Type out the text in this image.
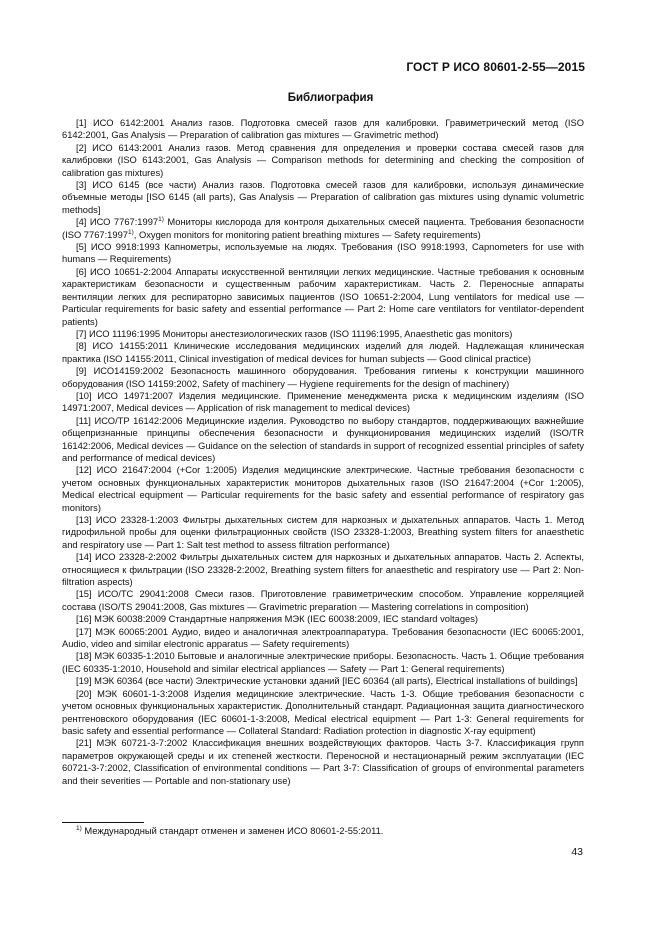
ГОСТ Р ИСО 80601-2-55—2015
Библиография

[1] ИСО 6142:2001 Анализ газов. Подготовка смесей газов для калибровки. Гравиметрический метод (ISO 6142:2001, Gas Analysis — Preparation of calibration gas mixtures — Gravimetric method)

[2] ИСО 6143:2001 Анализ газов. Метод сравнения для определения и проверки состава смесей газов для калибровки (ISO 6143:2001, Gas Analysis — Comparison methods for determining and checking the composition of calibration gas mixtures)

[3] ИСО 6145 (все части) Анализ газов. Подготовка смесей газов для калибровки, используя динамические объемные методы [ISO 6145 (all parts), Gas Analysis — Preparation of calibration gas mixtures using dynamic volumetric methods]

[4] ИСО 7767:1997$^{1)}$ Мониторы кислорода для контроля дыхательных смесей пациента. Требования безопасности (ISO 7767:1997$^{1)}$, Oxygen monitors for monitoring patient breathing mixtures — Safety requirements)

[5] ИСО 9918:1993 Капнометры, используемые на людях. Требования (ISO 9918:1993, Capnometers for use with humans — Requirements)

[6] ИСО 10651-2:2004 Аппараты искусственной вентиляции легких медицинские. Частные требования к основным характеристикам безопасности и существенным рабочим характеристикам. Часть 2. Переносные аппараты вентиляции легких для респираторно зависимых пациентов (ISO 10651-2:2004, Lung ventilators for medical use — Particular requirements for basic safety and essential performance — Part 2: Home care ventilators for ventilator-dependent patients)

[7] ИСО 11196:1995 Мониторы анестезиологических газов (ISO 11196:1995, Anaesthetic gas monitors)

[8] ИСО 14155:2011 Клинические исследования медицинских изделий для людей. Надлежащая клиническая практика (ISO 14155:2011, Clinical investigation of medical devices for human subjects — Good clinical practice)

[9] ИСО14159:2002 Безопасность машинного оборудования. Требования гигиены к конструкции машинного оборудования (ISO 14159:2002, Safety of machinery — Hygiene requirements for the design of machinery)

[10] ИСО 14971:2007 Изделия медицинские. Применение менеджмента риска к медицинским изделиям (ISO 14971:2007, Medical devices — Application of risk management to medical devices)

[11] ИСО/TP 16142:2006 Медицинские изделия. Руководство по выбору стандартов, поддерживающих важнейшие общепризнанные принципы обеспечения безопасности и функционирования медицинских изделий (ISO/TR 16142:2006, Medical devices — Guidance on the selection of standards in support of recognized essential principles of safety and performance of medical devices)

[12] ИСО 21647:2004 (+Cor 1:2005) Изделия медицинские электрические. Частные требования безопасности с учетом основных функциональных характеристик мониторов дыхательных газов (ISO 21647:2004 (+Cor 1:2005), Medical electrical equipment — Particular requirements for the basic safety and essential performance of respiratory gas monitors)

[13] ИСО 23328-1:2003 Фильтры дыхательных систем для наркозных и дыхательных аппаратов. Часть 1. Метод гидрофильной пробы для оценки фильтрационных свойств (ISO 23328-1:2003, Breathing system filters for anaesthetic and respiratory use — Part 1: Salt test method to assess filtration performance)

[14] ИСО 23328-2:2002 Фильтры дыхательных систем для наркозных и дыхательных аппаратов. Часть 2. Аспекты, относящиеся к фильтрации (ISO 23328-2:2002, Breathing system filters for anaesthetic and respiratory use — Part 2: Non-filtration aspects)

[15] ИСО/ТС 29041:2008 Смеси газов. Приготовление гравиметрическим способом. Управление корреляцией состава (ISO/TS 29041:2008, Gas mixtures — Gravimetric preparation — Mastering correlations in composition)

[16] МЭК 60038:2009 Стандартные напряжения МЭК (IEC 60038:2009, IEC standard voltages)

[17] МЭК 60065:2001 Аудио, видео и аналогичная электроаппаратура. Требования безопасности (IEC 60065:2001, Audio, video and similar electronic apparatus — Safety requirements)

[18] МЭК 60335-1:2010 Бытовые и аналогичные электрические приборы. Безопасность. Часть 1. Общие требования (IEC 60335-1:2010, Household and similar electrical appliances — Safety — Part 1: General requirements)

[19] МЭК 60364 (все части) Электрические установки зданий [IEC 60364 (all parts), Electrical installations of buildings]

[20] МЭК 60601-1-3:2008 Изделия медицинские электрические. Часть 1-3. Общие требования безопасности с учетом основных функциональных характеристик. Дополнительный стандарт. Радиационная защита диагностического рентгеновского оборудования (IEC 60601-1-3:2008, Medical electrical equipment — Part 1-3: General requirements for basic safety and essential performance — Collateral Standard: Radiation protection in diagnostic X-ray equipment)

[21] МЭК 60721-3-7:2002 Классификация внешних воздействующих факторов. Часть 3-7. Классификация групп параметров окружающей среды и их степеней жесткости. Переносной и нестационарный режим эксплуатации (IEC 60721-3-7:2002, Classification of environmental conditions — Part 3-7: Classification of groups of environmental parameters and their severities — Portable and non-stationary use)

$^{1)}$ Международный стандарт отменен и заменен ИСО 80601-2-55:2011.
43
